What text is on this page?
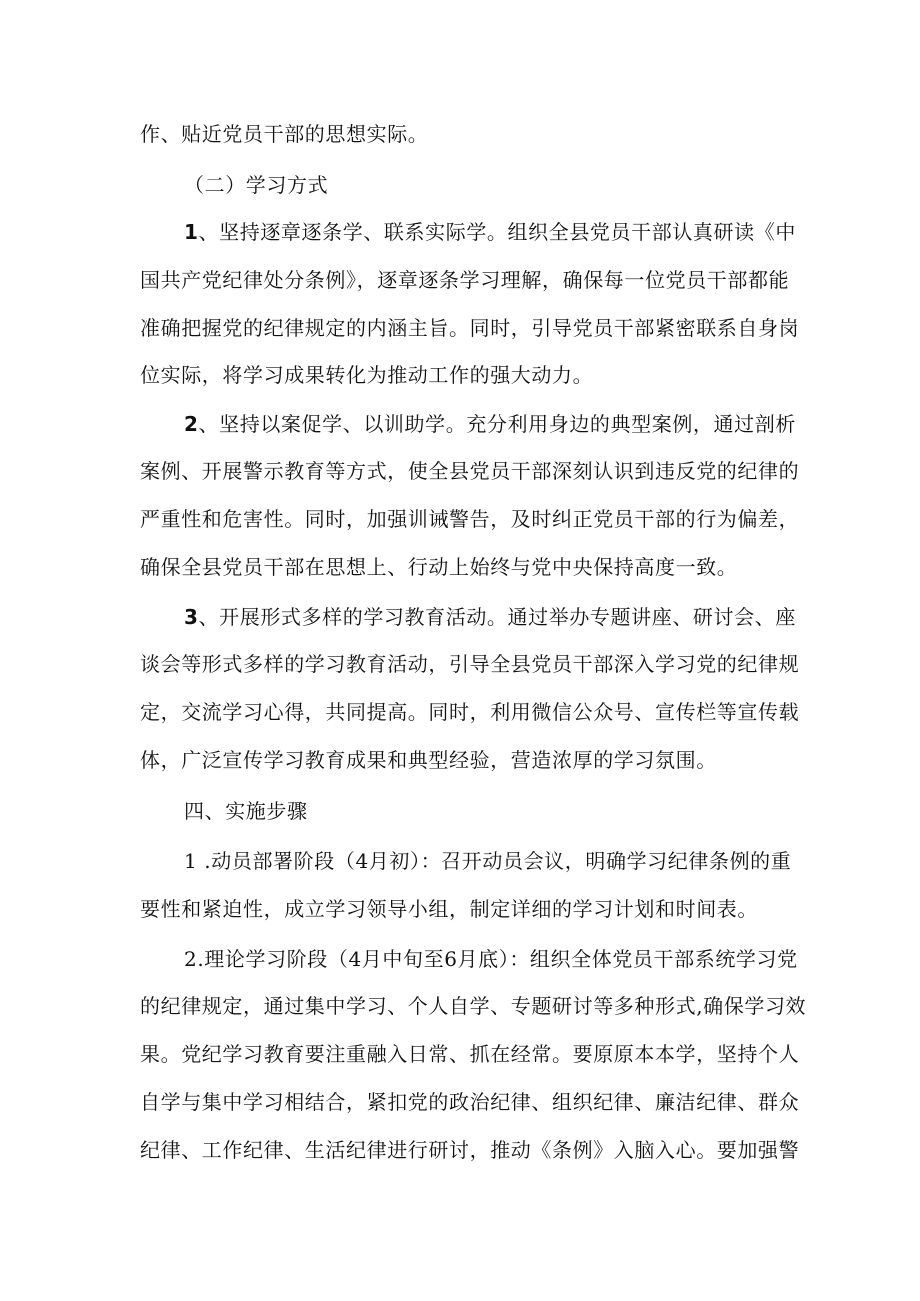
作、贴近党员干部的思想实际。
（二）学习方式
1、坚持逐章逐条学、联系实际学。组织全县党员干部认真研读《中
国共产党纪律处分条例》，逐章逐条学习理解，确保每一位党员干部都能
准确把握党的纪律规定的内涵主旨。同时，引导党员干部紧密联系自身岗
位实际，将学习成果转化为推动工作的强大动力。
2、坚持以案促学、以训助学。充分利用身边的典型案例，通过剖析
案例、开展警示教育等方式，使全县党员干部深刻认识到违反党的纪律的
严重性和危害性。同时，加强训诫警告，及时纠正党员干部的行为偏差，
确保全县党员干部在思想上、行动上始终与党中央保持高度一致。
3、开展形式多样的学习教育活动。通过举办专题讲座、研讨会、座
谈会等形式多样的学习教育活动，引导全县党员干部深入学习党的纪律规
定，交流学习心得，共同提高。同时，利用微信公众号、宣传栏等宣传载
体，广泛宣传学习教育成果和典型经验，营造浓厚的学习氛围。
四、实施步骤
1 .动员部署阶段（4月初）：召开动员会议，明确学习纪律条例的重
要性和紧迫性，成立学习领导小组，制定详细的学习计划和时间表。
2.理论学习阶段（4月中旬至6月底）：组织全体党员干部系统学习党
的纪律规定，通过集中学习、个人自学、专题研讨等多种形式,确保学习效
果。党纪学习教育要注重融入日常、抓在经常。要原原本本学，坚持个人
自学与集中学习相结合，紧扣党的政治纪律、组织纪律、廉洁纪律、群众
纪律、工作纪律、生活纪律进行研讨，推动《条例》入脑入心。要加强警
